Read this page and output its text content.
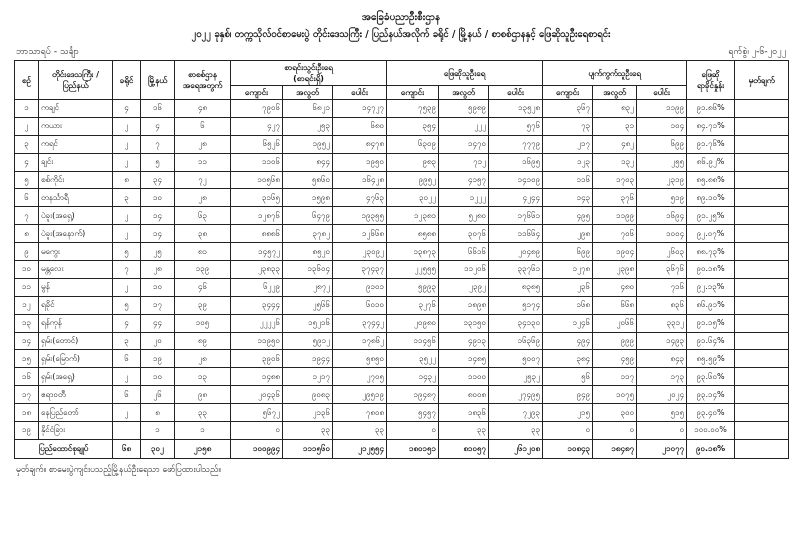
အခြေခံပညာဦးစီးဌာန
၂၀၂၂ ခုနှစ်၊ တက္ကသိုလ်ဝင်စာမေးပွဲ တိုင်းဒေသကြီး / ပြည်နယ်အလိုက် ခရိုင် / မြို့နယ် / စာစစ်ဌာနနှင့် ဖြေဆိုသူဦးရေစာရင်း
ဘာသာရပ် - သင်္ချာ	ရက်စွဲ၊ ၂-၆-၂၀၂၂
စဉ်	တိုင်းဒေသကြီး / ပြည်နယ်	ခရိုင်	မြို့နယ်	စာစစ်ဌာန အရေအတွက်	စာရင်းသွင်းဦးရေ
(စာရင်းရှိ)			ဖြေဆိုသူဦးရေ			ပျက်ကွက်သူဦးရေ			ဖြေဆို ရာခိုင်နှုန်း	မှတ်ချက်
					ကျောင်း	အလွတ်	ပေါင်း	ကျောင်း	အလွတ်	ပေါင်း	ကျောင်း	အလွတ်	ပေါင်း		
၁	ကချင်	၄	၁၆	၄၈	၇၉၀၆	၆၈၂၁	၁၄၇၂၇	၇၅၃၉	၅၉၈၉	၁၃၅၂၈	၃၆၇	၈၃၂	၁၁၉၉	၉၁.၈၆%	
၂	ကယား	၂	၄	၆	၄၂၇	၂၅၃	၆၈၀	၃၅၄	၂၂၂	၅၇၆	၇၃	၃၁	၁၀၄	၈၄.၇၁%	
၃	ကရင်	၂	၇	၂၈	၆၅၂၆	၁၉၅၂	၈၄၇၈	၆၃၀၉	၁၄၇၀	၇၇၇၉	၂၁၇	၄၈၂	၆၉၉	၉၁.၇၆%	
၄	ချင်း	၂	၅	၁၁	၁၁၀၆	၈၄၄	၁၉၅၀	၉၈၃	၇၁၂	၁၆၉၅	၁၂၃	၁၃၂	၂၅၅	၈၆.၉၂%	
၅	စစ်ကိုင်း	၈	၃၄	၇၂	၁၀၅၆၈	၅၈၆၀	၁၆၄၂၈	၉၉၅၂	၄၁၅၇	၁၄၁၀၉	၁၁၆	၁၇၀၃	၂၃၁၉	၈၅.၈၈%	
၆	တနင်္သာရီ	၃	၁၀	၂၈	၃၁၆၅	၁၅၉၈	၄၇၆၃	၃၀၂၂	၁၂၂၂	၄၂၄၄	၁၄၃	၃၇၆	၅၁၉	၈၉.၁၀%	
၇	ပဲခူး(အရှေ့)	၂	၁၄	၆၃	၁၂၈၇၆	၆၄၇၉	၁၉၃၅၅	၁၂၃၈၁	၅၂၈၀	၁၇၆၆၁	၄၉၅	၁၁၉၉	၁၆၉၄	၉၁.၂၅%	
၈	ပဲခူး(အနောက်)	၂	၁၄	၃၈	၈၈၈၆	၃၇၈၂	၁၂၆၆၈	၈၅၈၈	၃၀၇၆	၁၁၆၆၄	၂၉၈	၇၀၆	၁၀၀၄	၉၂.၀၇%	
၉	မကွေး	၅	၂၅	၈၁	၁၄၅၇၂	၈၅၂၀	၂၃၀၉၂	၁၃၈၇၃	၆၆၁၆	၂၀၄၈၉	၆၉၉	၁၉၀၄	၂၆၀၃	၈၈.၇၃%	
၁၀	မန္တလေး	၇	၂၈	၁၃၉	၂၃၈၃၃	၁၃၆၀၄	၃၇၄၃၇	၂၂၅၅၅	၁၁၂၀၆	၃၃၇၆၁	၁၂၇၈	၂၃၉၈	၃၆၇၆	၉၀.၁၈%	
၁၁	မွန်	၂	၁၀	၄၆	၆၂၂၉	၂၈၇၂	၉၁၀၁	၅၉၉၃	၂၃၉၂	၈၃၈၅	၂၃၆	၄၈၀	၇၁၆	၉၂.၁၃%	
၁၂	ရခိုင်	၅	၁၇	၃၉	၃၄၄၄	၂၅၆၆	၆၀၁၀	၃၂၇၆	၁၈၉၈	၅၁၇၄	၁၆၈	၆၆၈	၈၃၆	၈၆.၉၁%	
၁၃	ရန်ကုန်	၄	၄၄	၁၀၅	၂၂၂၂၆	၁၅၂၁၆	၃၇၄၄၂	၂၀၉၈၀	၁၃၁၅၀	၃၄၁၃၀	၁၂၄၆	၂၀၆၆	၃၃၁၂	၉၁.၁၅%	
၁၄	ရှမ်း(တောင်)	၃	၂၀	၈၉	၁၁၉၅၀	၅၉၁၂	၁၇၈၆၂	၁၁၄၅၆	၄၉၁၃	၁၆၃၆၉	၄၉၄	၉၉၉	၁၄၉၃	၉၁.၆၄%	
၁၅	ရှမ်း(မြောက်)	၆	၁၉	၂၈	၃၉၀၆	၁၉၄၄	၅၈၅၀	၃၅၂၂	၁၄၈၅	၅၀၀၇	၃၈၄	၄၅၉	၈၄၃	၈၅.၅၉%	
၁၆	ရှမ်း(အရှေ့)	၂	၁၀	၁၃	၁၄၈၈	၁၂၁၇	၂၇၀၅	၁၄၃၂	၁၁၀၀	၂၅၃၂	၅၆	၁၁၇	၁၇၃	၉၃.၆၀%	
၁၇	ဧရာဝတီ	၆	၂၆	၉၈	၂၀၄၃၆	၉၀၈၃	၂၉၅၁၉	၁၉၄၈၇	၈၀၀၈	၂၇၄၉၅	၉၄၉	၁၀၇၅	၂၀၂၄	၉၃.၁၄%	
၁၈	နေပြည်တော်	၂	၈	၃၃	၅၆၇၂	၂၁၃၆	၇၈၀၈	၅၄၅၇	၁၈၃၆	၇၂၉၃	၂၁၅	၃၀၀	၅၁၅	၉၃.၄၀%	
၁၉	နိုင်ငံခြား		၁	၁	၀	၃၃	၃၃	၀	၃၃	၃၃	၀	၀	၀	၁၀၀.၀၀%	
ပြည်ထောင်စုချုပ်		၆၈	၃၀၂	၂၁၅၈	၁၀၀၉၉၄	၁၁၁၅၆၀	၂၁၂၅၅၄	၁၈၀၁၅၁	၈၁၀၅၇	၂၆၁၂၀၈	၁၀၈၄၃	၁၈၄၈၇	၂၁၀၇၇	၉၀.၁၈%	
မှတ်ချက်။ စာမေးပွဲကျင်းပသည့်မြို့နယ်ဦးရေသာ ဖော်ပြထားပါသည်။
